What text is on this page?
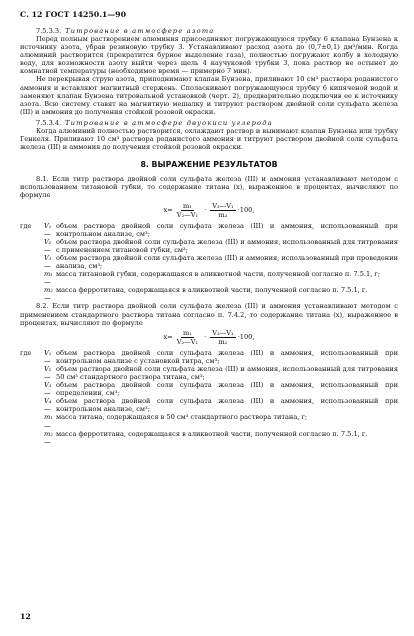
С. 12 ГОСТ 14250.1—90
7.5.3.3. Титрование в атмосфере азота

Перед полным растворением алюминия присоединяют погружающуюся трубку 6 клапана Бунзена к источнику азота, убрав резиновую трубку 3. Устанавливают расход азота до (0,7±0,1) дм³/мин. Когда алюминий растворится (прекратится бурное выделение газа), полностью погружают колбу в холодную воду, для возможности азоту выйти через щель 4 каучуковой трубки 3, пока раствор не остынет до комнатной температуры (необходимое время — примерно 7 мин).

Не перекрывая струю азота, приподнимают клапан Бунзена, приливают 10 см³ раствора роданистого аммония и вставляют магнитный стержень. Споласкивают погружающуюся трубку 6 кипяченой водой и заменяют клапан Бунзена титровальной установкой (черт. 2), предварительно подключив ее к источнику азота. Всю систему ставят на магнитную мешалку и титруют раствором двойной соли сульфата железа (III) и аммония до получения стойкой розовой окраски.

7.5.3.4. Титрование в атмосфере двуокиси углерода

Когда алюминий полностью растворится, охлаждают раствор и вынимают клапан Бунзена или трубку Генкеля. Приливают 10 см³ раствора роданистого аммония и титруют раствором двойной соли сульфата железа (III) и аммония до получения стойкой розовой окраски.

8. ВЫРАЖЕНИЕ РЕЗУЛЬТАТОВ

8.1. Если титр раствора двойной соли сульфата железа (III) и аммония устанавливают методом с использованием титановой губки, то содержание титана (x), выраженное в процентах, вычисляют по формуле

$x= \frac{\text{m₁}}{\text{V₂—V₁}} \cdot \frac{\text{V₃—V₁}}{\text{m₂}} \cdot 100$,
где	V₁ —
объем раствора двойной соли сульфата железа (III) и аммония, использованный при контрольном анализе, см³;
V₂ —
объем раствора двойной соли сульфата железа (III) и аммония, использованный для титрования с применением титановой губки, см³;
V₃ —
объем раствора двойной соли сульфата железа (III) и аммония, использованный при проведении анализа, см³;
m₁ —
масса титановой губки, содержащаяся в аликвотной части, полученной согласно п. 7.5.1, г;
m₂ —
масса ферротитана, содержащаяся в аликвотной части, полученной согласно п. 7.5.1, г.

8.2. Если титр раствора двойной соли сульфата железа (III) и аммония устанавливают методом с применением стандартного раствора титана согласно п. 7.4.2, то содержание титана (x), выраженное в процентах, вычисляют по формуле

$x= \frac{\text{m₁}}{\text{V₂—V₁}} \cdot \frac{\text{V₃—V₁}}{\text{m₂}} \cdot 100$,
где	V₁ —
объем раствора двойной соли сульфата железа (III) и аммония, использованный при контрольном анализе с установкой титра, см³;
V₂ —
объем раствора двойной соли сульфата железа (III) и аммония, использованный для титрования 50 см³ стандартного раствора титана, см³;
V₃ —
объем раствора двойной соли сульфата железа (III) и аммония, использованный при определении, см³;
V₄ —
объем раствора двойной соли сульфата железа (III) и аммония, использованный при контрольном анализе, см³;
m₁ —
масса титана, содержащаяся в 50 см³ стандартного раствора титана, г;
m₂ —
масса ферротитана, содержащаяся в аликвотной части, полученной согласно п. 7.5.1, г.
12
